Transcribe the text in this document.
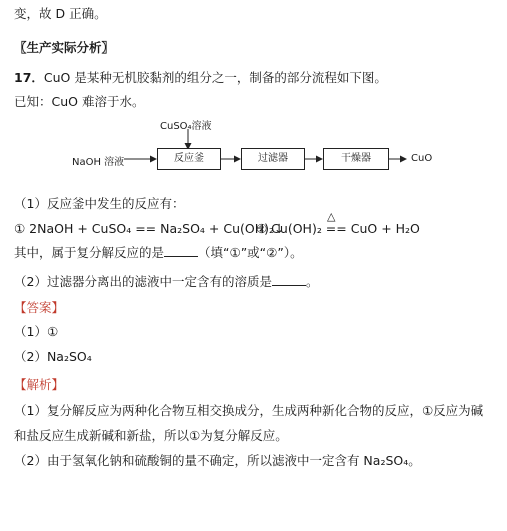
变，故 D 正确。
〖生产实际分析〗
17．CuO 是某种无机胶黏剂的组分之一，制备的部分流程如下图。
已知：CuO 难溶于水。
CuSO₄溶液
NaOH 溶液	反应釜	过滤器	干燥器	CuO
（1）反应釜中发生的反应有：
① 2NaOH + CuSO₄ == Na₂SO₄ + Cu(OH)₂↓
△
② Cu(OH)₂ == CuO + H₂O
其中，属于复分解反应的是	（填“①”或“②”）。
（2）过滤器分离出的滤液中一定含有的溶质是	。
【答案】
（1）①
（2）Na₂SO₄
【解析】
（1）复分解反应为两种化合物互相交换成分，生成两种新化合物的反应，①反应为碱
和盐反应生成新碱和新盐，所以①为复分解反应。
（2）由于氢氧化钠和硫酸铜的量不确定，所以滤液中一定含有 Na₂SO₄。
